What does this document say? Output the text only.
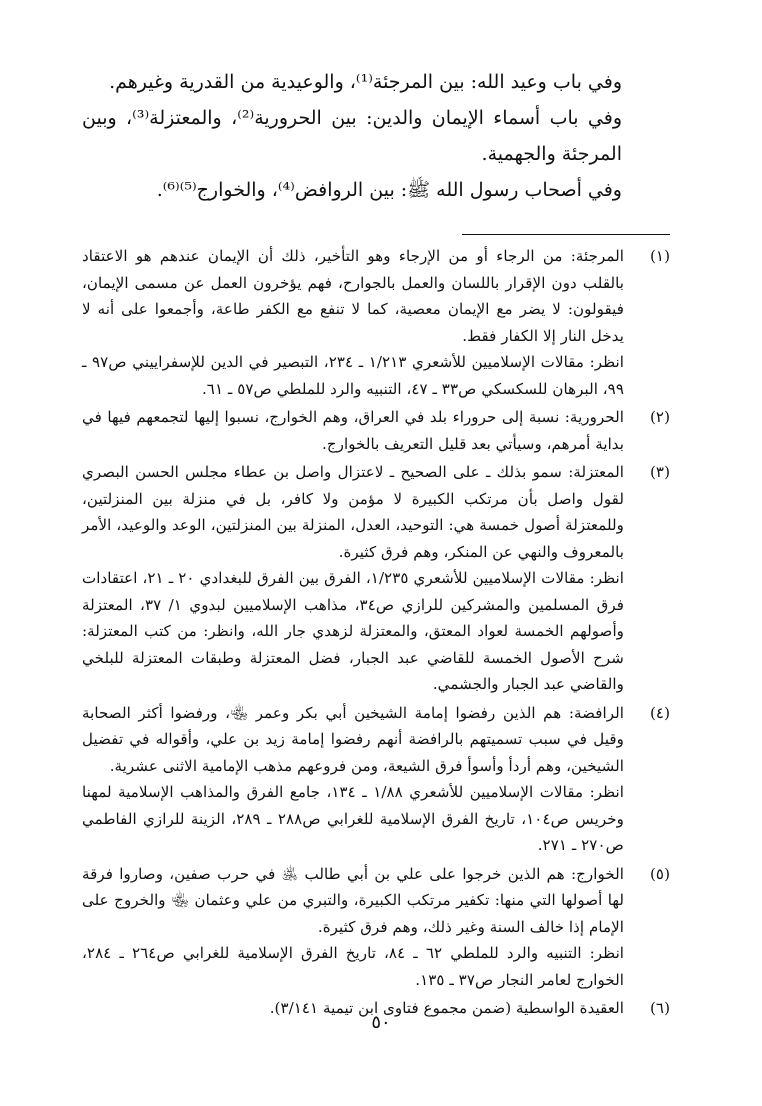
وفي باب وعيد الله: بين المرجئة⁽¹⁾، والوعيدية من القدرية وغيرهم.

وفي باب أسماء الإيمان والدين: بين الحرورية⁽²⁾، والمعتزلة⁽³⁾، وبين المرجئة والجهمية.

وفي أصحاب رسول الله ﷺ: بين الروافض⁽⁴⁾، والخوارج⁽⁵⁾⁽⁶⁾.

(١)

المرجئة: من الرجاء أو من الإرجاء وهو التأخير، ذلك أن الإيمان عندهم هو الاعتقاد بالقلب دون الإقرار باللسان والعمل بالجوارح، فهم يؤخرون العمل عن مسمى الإيمان، فيقولون: لا يضر مع الإيمان معصية، كما لا تنفع مع الكفر طاعة، وأجمعوا على أنه لا يدخل النار إلا الكفار فقط.

انظر: مقالات الإسلاميين للأشعري ١/٢١٣ ـ ٢٣٤، التبصير في الدين للإسفراييني ص٩٧ ـ ٩٩، البرهان للسكسكي ص٣٣ ـ ٤٧، التنبيه والرد للملطي ص٥٧ ـ ٦١.

(٢)

الحرورية: نسبة إلى حروراء بلد في العراق، وهم الخوارج، نسبوا إليها لتجمعهم فيها في بداية أمرهم، وسيأتي بعد قليل التعريف بالخوارج.

(٣)

المعتزلة: سمو بذلك ـ على الصحيح ـ لاعتزال واصل بن عطاء مجلس الحسن البصري لقول واصل بأن مرتكب الكبيرة لا مؤمن ولا كافر، بل في منزلة بين المنزلتين، وللمعتزلة أصول خمسة هي: التوحيد، العدل، المنزلة بين المنزلتين، الوعد والوعيد، الأمر بالمعروف والنهي عن المنكر، وهم فرق كثيرة.

انظر: مقالات الإسلاميين للأشعري ١/٢٣٥، الفرق بين الفرق للبغدادي ٢٠ ـ ٢١، اعتقادات فرق المسلمين والمشركين للرازي ص٣٤، مذاهب الإسلاميين لبدوي ١/ ٣٧، المعتزلة وأصولهم الخمسة لعواد المعتق، والمعتزلة لزهدي جار الله، وانظر: من كتب المعتزلة: شرح الأصول الخمسة للقاضي عبد الجبار، فضل المعتزلة وطبقات المعتزلة للبلخي والقاضي عبد الجبار والجشمي.

(٤)

الرافضة: هم الذين رفضوا إمامة الشيخين أبي بكر وعمر ﵄، ورفضوا أكثر الصحابة وقيل في سبب تسميتهم بالرافضة أنهم رفضوا إمامة زيد بن علي، وأقواله في تفضيل الشيخين، وهم أردأ وأسوأ فرق الشيعة، ومن فروعهم مذهب الإمامية الاثنى عشرية.

انظر: مقالات الإسلاميين للأشعري ١/٨٨ ـ ١٣٤، جامع الفرق والمذاهب الإسلامية لمهنا وخريس ص١٠٤، تاريخ الفرق الإسلامية للغرابي ص٢٨٨ ـ ٢٨٩، الزينة للرازي الفاطمي ص٢٧٠ ـ ٢٧١.

(٥)

الخوارج: هم الذين خرجوا على علي بن أبي طالب ﵁ في حرب صفين، وصاروا فرقة لها أصولها التي منها: تكفير مرتكب الكبيرة، والتبري من علي وعثمان ﵄ والخروج على الإمام إذا خالف السنة وغير ذلك، وهم فرق كثيرة.

انظر: التنبيه والرد للملطي ٦٢ ـ ٨٤، تاريخ الفرق الإسلامية للغرابي ص٢٦٤ ـ ٢٨٤، الخوارج لعامر النجار ص٣٧ ـ ١٣٥.

(٦)

العقيدة الواسطية (ضمن مجموع فتاوى ابن تيمية ٣/١٤١).

٥٠
